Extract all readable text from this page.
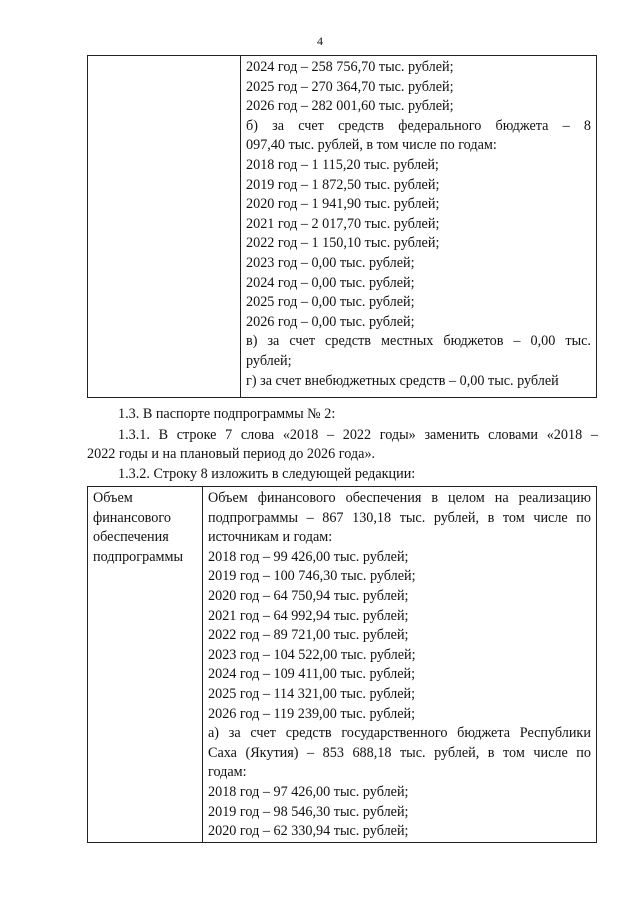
4

2024 год – 258 756,70 тыс. рублей;
2025 год – 270 364,70 тыс. рублей;
2026 год – 282 001,60 тыс. рублей;
б) за счет средств федерального бюджета – 8
097,40 тыс. рублей, в том числе по годам:
2018 год – 1 115,20 тыс. рублей;
2019 год – 1 872,50 тыс. рублей;
2020 год – 1 941,90 тыс. рублей;
2021 год – 2 017,70 тыс. рублей;
2022 год – 1 150,10 тыс. рублей;
2023 год – 0,00 тыс. рублей;
2024 год – 0,00 тыс. рублей;
2025 год – 0,00 тыс. рублей;
2026 год – 0,00 тыс. рублей;
в) за счет средств местных бюджетов – 0,00 тыс.
рублей;
г) за счет внебюджетных средств – 0,00 тыс. рублей
1.3. В паспорте подпрограммы № 2:
1.3.1. В строке 7 слова «2018 – 2022 годы» заменить словами «2018 –
2022 годы и на плановый период до 2026 года».
1.3.2. Строку 8 изложить в следующей редакции:
Объем
финансового
обеспечения
подпрограммы

Объем финансового обеспечения в целом на реализацию
подпрограммы – 867 130,18 тыс. рублей, в том числе по
источникам и годам:
2018 год – 99 426,00 тыс. рублей;
2019 год – 100 746,30 тыс. рублей;
2020 год – 64 750,94 тыс. рублей;
2021 год – 64 992,94 тыс. рублей;
2022 год – 89 721,00 тыс. рублей;
2023 год – 104 522,00 тыс. рублей;
2024 год – 109 411,00 тыс. рублей;
2025 год – 114 321,00 тыс. рублей;
2026 год – 119 239,00 тыс. рублей;
а) за счет средств государственного бюджета Республики
Саха (Якутия) – 853 688,18 тыс. рублей, в том числе по
годам:
2018 год – 97 426,00 тыс. рублей;
2019 год – 98 546,30 тыс. рублей;
2020 год – 62 330,94 тыс. рублей;
